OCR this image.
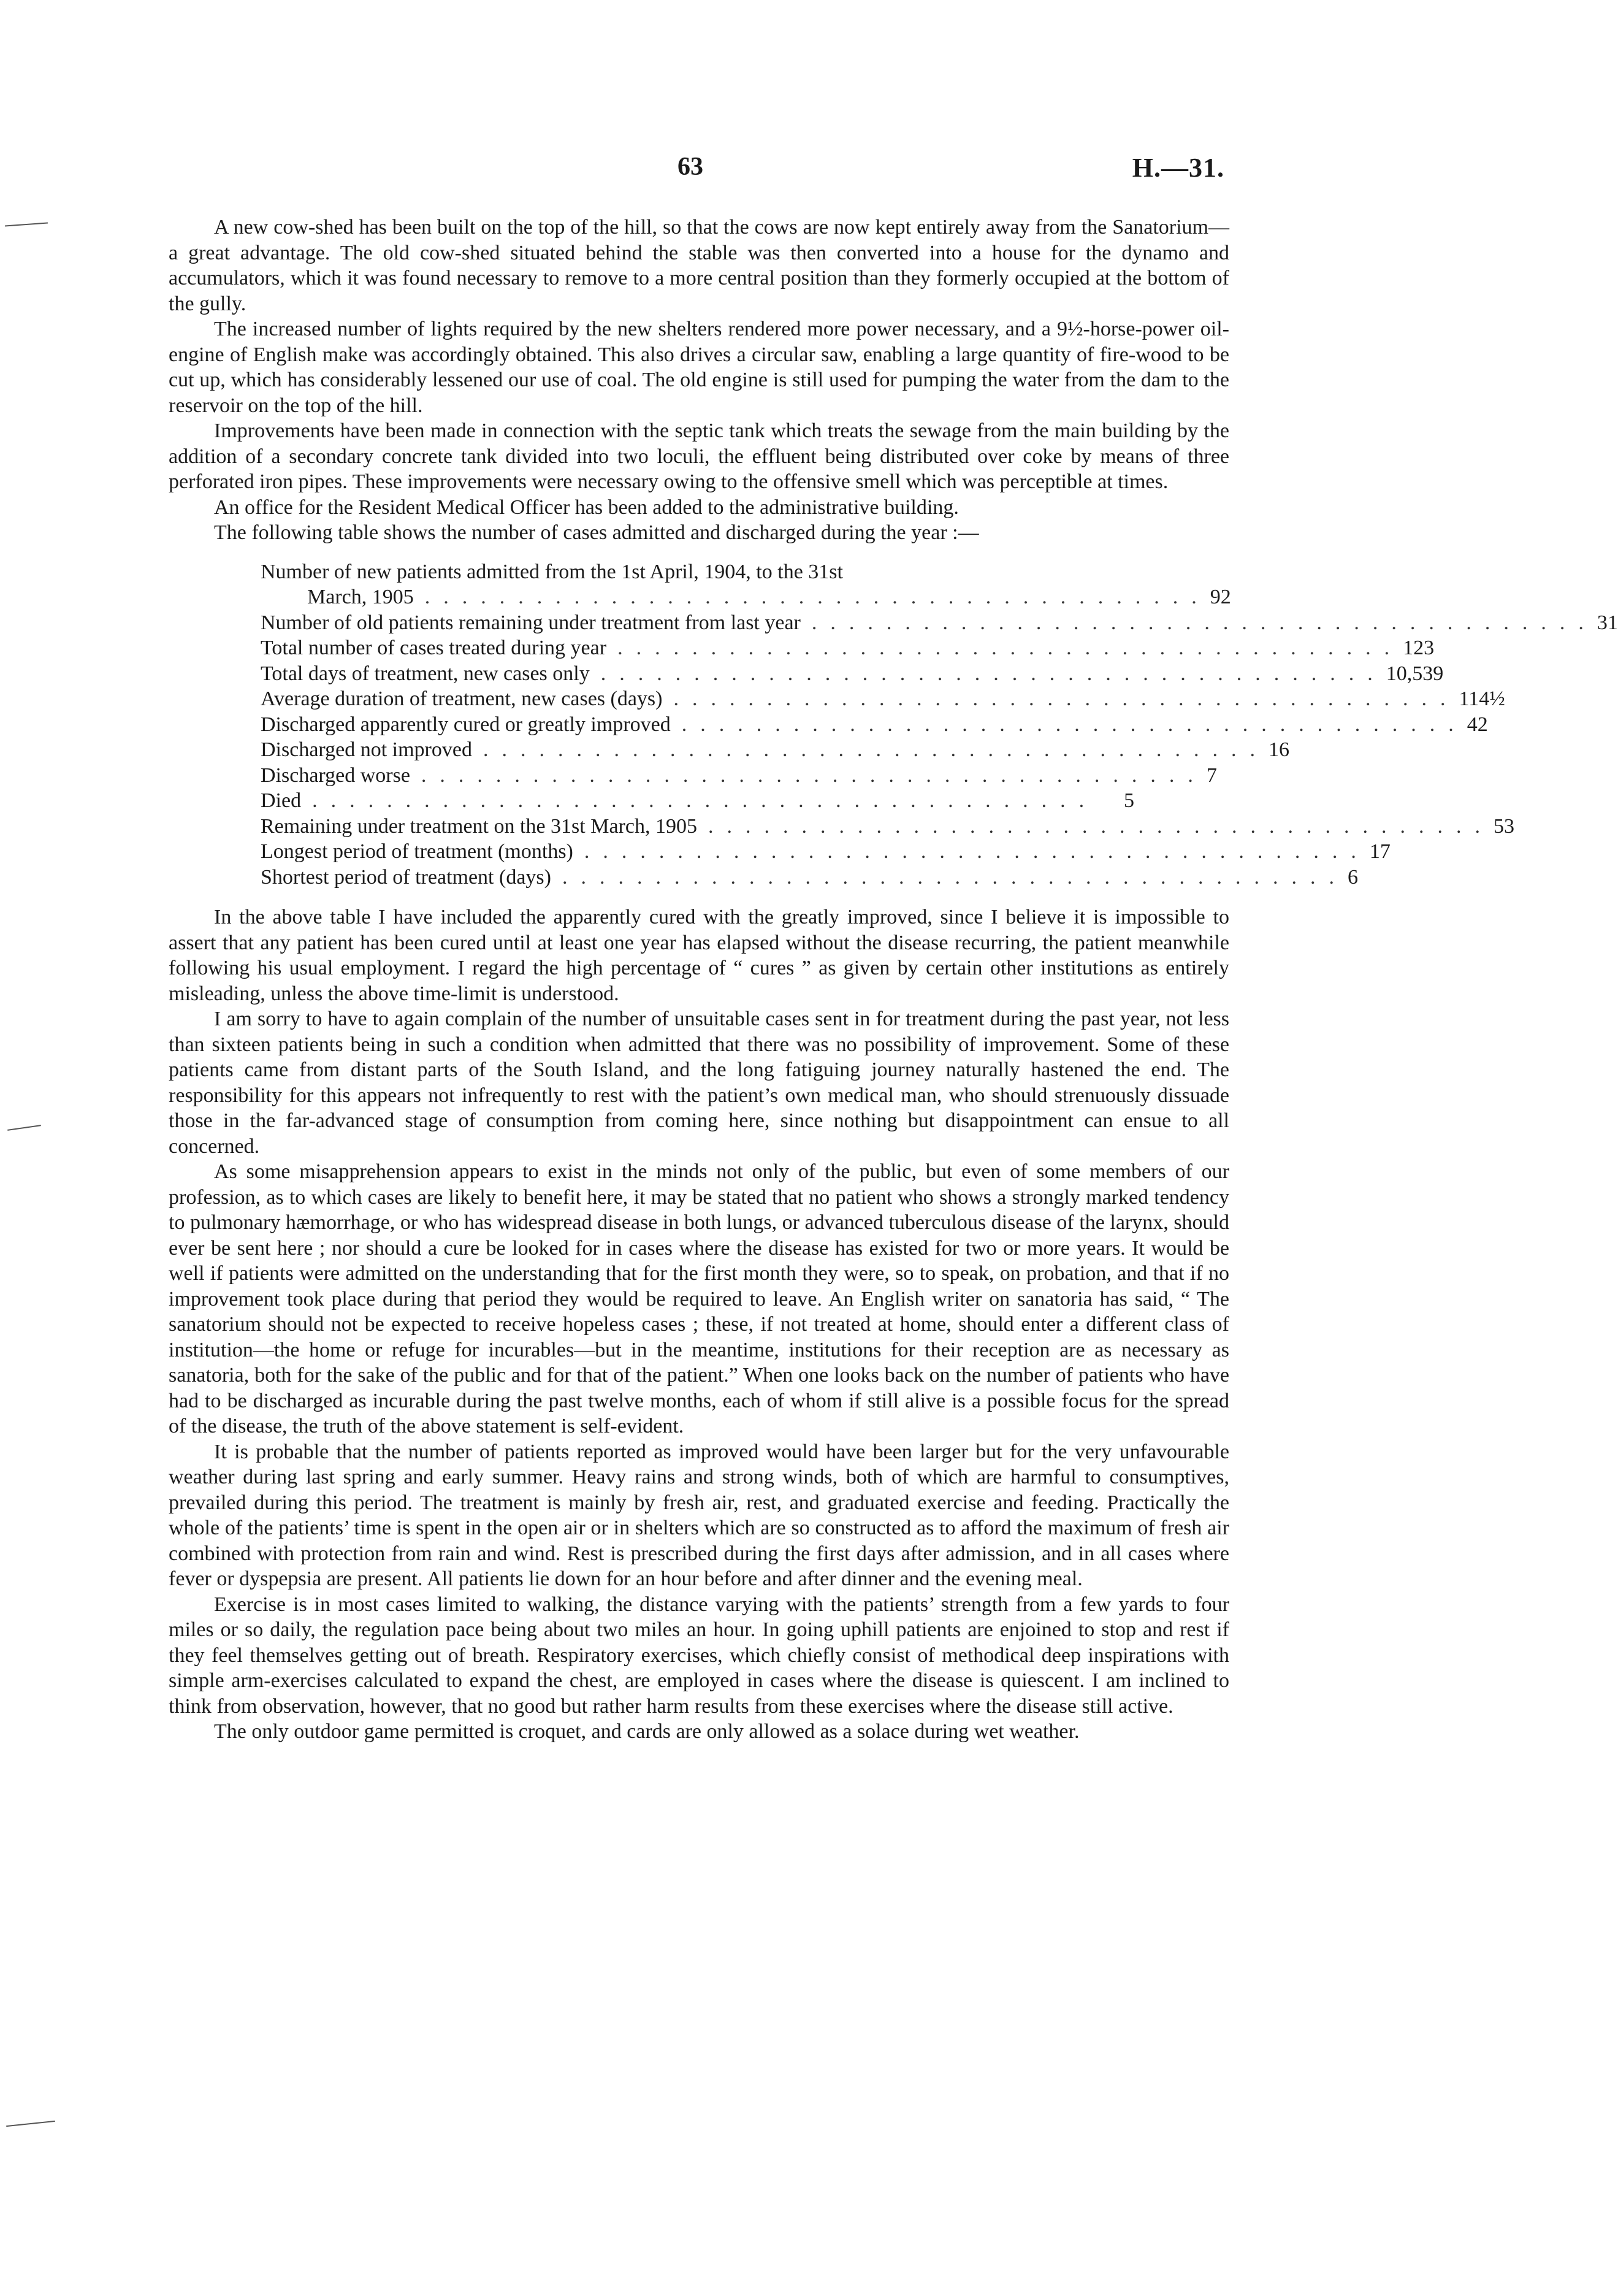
63	H.—31.

A new cow-shed has been built on the top of the hill, so that the cows are now kept entirely away from the Sanatorium—a great advantage. The old cow-shed situated behind the stable was then converted into a house for the dynamo and accumulators, which it was found necessary to remove to a more central position than they formerly occupied at the bottom of the gully.

The increased number of lights required by the new shelters rendered more power necessary, and a 9½-horse-power oil-engine of English make was accordingly obtained. This also drives a circular saw, enabling a large quantity of fire-wood to be cut up, which has considerably lessened our use of coal. The old engine is still used for pumping the water from the dam to the reservoir on the top of the hill.

Improvements have been made in connection with the septic tank which treats the sewage from the main building by the addition of a secondary concrete tank divided into two loculi, the effluent being distributed over coke by means of three perforated iron pipes. These improvements were necessary owing to the offensive smell which was perceptible at times.

An office for the Resident Medical Officer has been added to the administrative building.

The following table shows the number of cases admitted and discharged during the year :—

Number of new patients admitted from the 1st April, 1904, to the 31st
March, 1905 .......................................... 92
Number of old patients remaining under treatment from last year .......................................... 31
Total number of cases treated during year .......................................... 123
Total days of treatment, new cases only .......................................... 10,539
Average duration of treatment, new cases (days) .......................................... 114½
Discharged apparently cured or greatly improved .......................................... 42
Discharged not improved .......................................... 16
Discharged worse .......................................... 7
Died ..........................................	5
Remaining under treatment on the 31st March, 1905 .......................................... 53
Longest period of treatment (months) .......................................... 17
Shortest period of treatment (days) .......................................... 6

In the above table I have included the apparently cured with the greatly improved, since I believe it is impossible to assert that any patient has been cured until at least one year has elapsed without the disease recurring, the patient meanwhile following his usual employment. I regard the high percentage of “ cures ” as given by certain other institutions as entirely misleading, unless the above time-limit is understood.

I am sorry to have to again complain of the number of unsuitable cases sent in for treatment during the past year, not less than sixteen patients being in such a condition when admitted that there was no possibility of improvement. Some of these patients came from distant parts of the South Island, and the long fatiguing journey naturally hastened the end. The responsibility for this appears not infrequently to rest with the patient’s own medical man, who should strenuously dissuade those in the far-advanced stage of consumption from coming here, since nothing but disappointment can ensue to all concerned.

As some misapprehension appears to exist in the minds not only of the public, but even of some members of our profession, as to which cases are likely to benefit here, it may be stated that no patient who shows a strongly marked tendency to pulmonary hæmorrhage, or who has widespread disease in both lungs, or advanced tuberculous disease of the larynx, should ever be sent here ; nor should a cure be looked for in cases where the disease has existed for two or more years. It would be well if patients were admitted on the understanding that for the first month they were, so to speak, on probation, and that if no improvement took place during that period they would be required to leave. An English writer on sanatoria has said, “ The sanatorium should not be expected to receive hopeless cases ; these, if not treated at home, should enter a different class of institution—the home or refuge for incurables—but in the meantime, institutions for their reception are as necessary as sanatoria, both for the sake of the public and for that of the patient.” When one looks back on the number of patients who have had to be discharged as incurable during the past twelve months, each of whom if still alive is a possible focus for the spread of the disease, the truth of the above statement is self-evident.

It is probable that the number of patients reported as improved would have been larger but for the very unfavourable weather during last spring and early summer. Heavy rains and strong winds, both of which are harmful to consumptives, prevailed during this period. The treatment is mainly by fresh air, rest, and graduated exercise and feeding. Practically the whole of the patients’ time is spent in the open air or in shelters which are so constructed as to afford the maximum of fresh air combined with protection from rain and wind. Rest is prescribed during the first days after admission, and in all cases where fever or dyspepsia are present. All patients lie down for an hour before and after dinner and the evening meal.

Exercise is in most cases limited to walking, the distance varying with the patients’ strength from a few yards to four miles or so daily, the regulation pace being about two miles an hour. In going uphill patients are enjoined to stop and rest if they feel themselves getting out of breath. Respiratory exercises, which chiefly consist of methodical deep inspirations with simple arm-exercises calculated to expand the chest, are employed in cases where the disease is quiescent. I am inclined to think from observation, however, that no good but rather harm results from these exercises where the disease still active.

The only outdoor game permitted is croquet, and cards are only allowed as a solace during wet weather.
